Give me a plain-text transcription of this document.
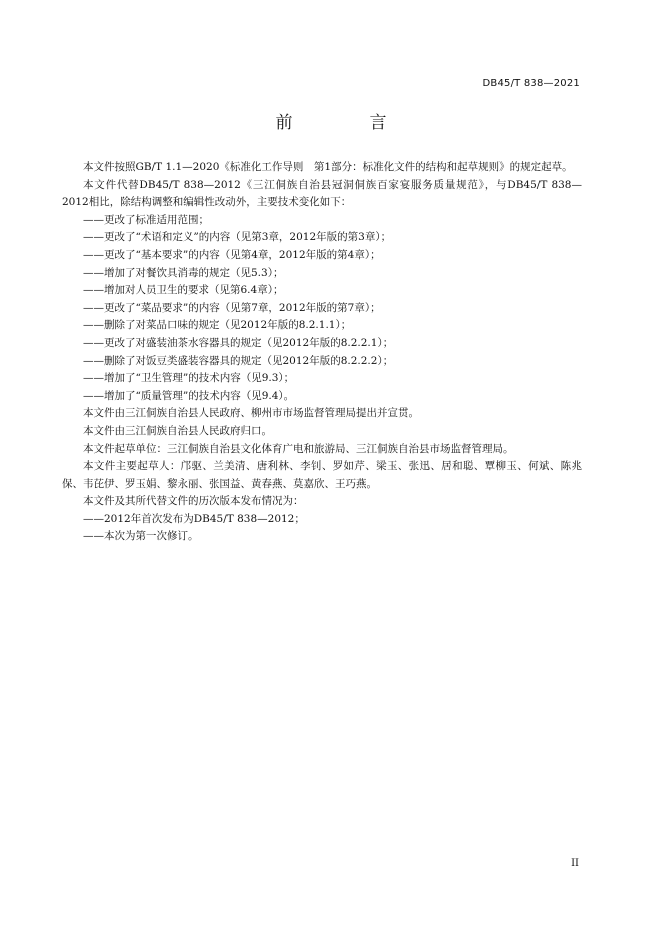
DB45/T 838—2021
前　言

本文件按照GB/T 1.1—2020《标准化工作导则　第1部分：标准化文件的结构和起草规则》的规定起草。

本文件代替DB45/T 838—2012《三江侗族自治县冠洞侗族百家宴服务质量规范》，与DB45/T 838—2012相比，除结构调整和编辑性改动外，主要技术变化如下：

——更改了标准适用范围；

——更改了“术语和定义”的内容（见第3章，2012年版的第3章）；

——更改了“基本要求”的内容（见第4章，2012年版的第4章）；

——增加了对餐饮具消毒的规定（见5.3）；

——增加对人员卫生的要求（见第6.4章）；

——更改了“菜品要求”的内容（见第7章，2012年版的第7章）；

——删除了对菜品口味的规定（见2012年版的8.2.1.1）；

——更改了对盛装油茶水容器具的规定（见2012年版的8.2.2.1）；

——删除了对饭豆类盛装容器具的规定（见2012年版的8.2.2.2）；

——增加了“卫生管理”的技术内容（见9.3）；

——增加了“质量管理”的技术内容（见9.4）。

本文件由三江侗族自治县人民政府、柳州市市场监督管理局提出并宣贯。

本文件由三江侗族自治县人民政府归口。

本文件起草单位：三江侗族自治县文化体育广电和旅游局、三江侗族自治县市场监督管理局。

本文件主要起草人：邝驱、兰美清、唐利林、李钊、罗如芹、梁玉、张迅、居和聪、覃柳玉、何斌、陈兆保、韦芘伊、罗玉娟、黎永丽、张国益、黄春燕、莫嘉欣、王巧燕。

本文件及其所代替文件的历次版本发布情况为：

——2012年首次发布为DB45/T 838—2012；

——本次为第一次修订。

II
